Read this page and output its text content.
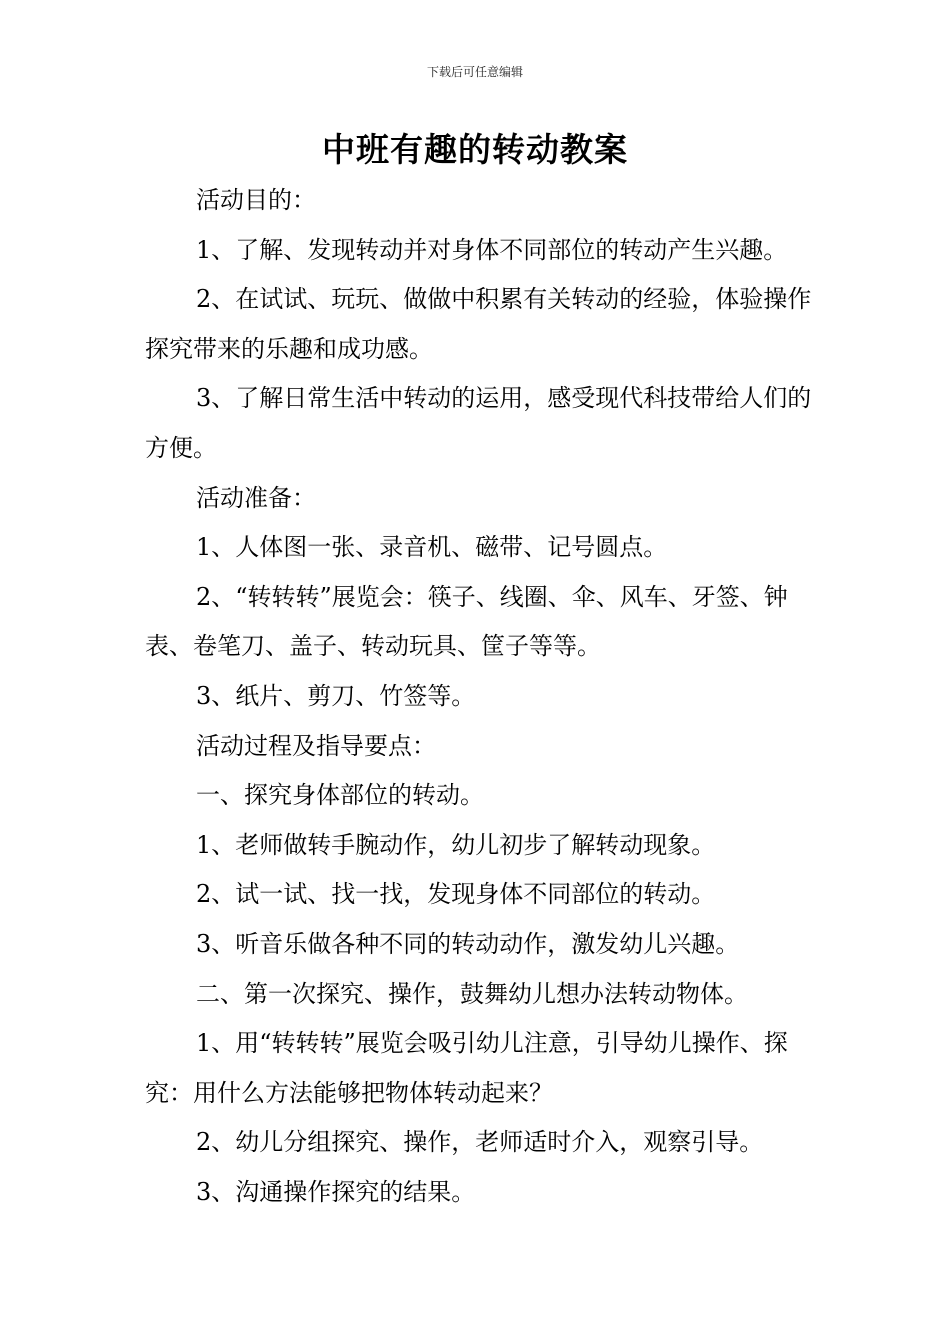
下载后可任意编辑
中班有趣的转动教案

活动目的：

1、了解、发现转动并对身体不同部位的转动产生兴趣。

2、在试试、玩玩、做做中积累有关转动的经验，体验操作探究带来的乐趣和成功感。

3、了解日常生活中转动的运用，感受现代科技带给人们的方便。

活动准备：

1、人体图一张、录音机、磁带、记号圆点。

2、“转转转”展览会：筷子、线圈、伞、风车、牙签、钟表、卷笔刀、盖子、转动玩具、筐子等等。

3、纸片、剪刀、竹签等。

活动过程及指导要点：

一、探究身体部位的转动。

1、老师做转手腕动作，幼儿初步了解转动现象。

2、试一试、找一找，发现身体不同部位的转动。

3、听音乐做各种不同的转动动作，激发幼儿兴趣。

二、第一次探究、操作，鼓舞幼儿想办法转动物体。

1、用“转转转”展览会吸引幼儿注意，引导幼儿操作、探究：用什么方法能够把物体转动起来？

2、幼儿分组探究、操作，老师适时介入，观察引导。

3、沟通操作探究的结果。
